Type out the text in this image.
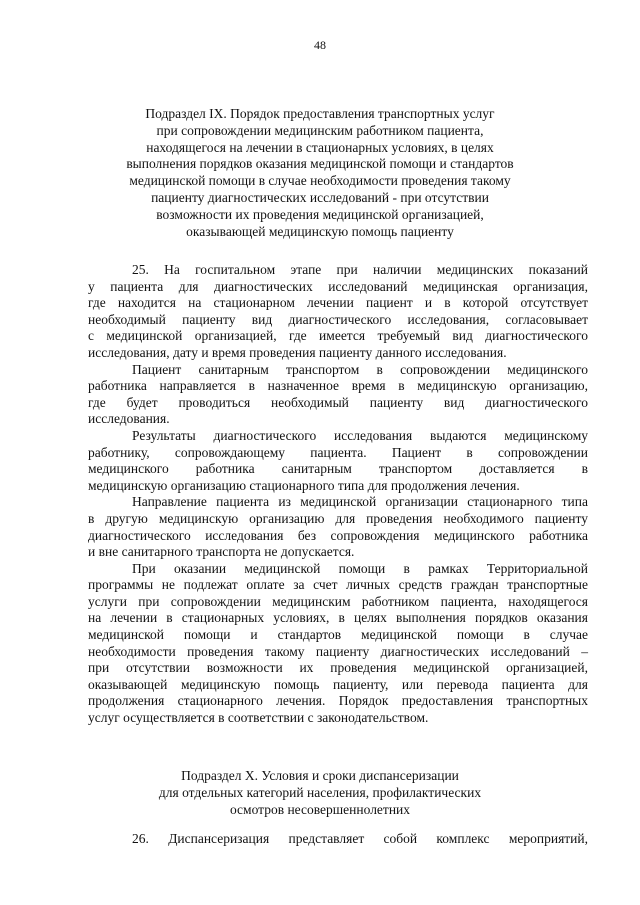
48
Подраздел IX. Порядок предоставления транспортных услуг
при сопровождении медицинским работником пациента,
находящегося на лечении в стационарных условиях, в целях
выполнения порядков оказания медицинской помощи и стандартов
медицинской помощи в случае необходимости проведения такому
пациенту диагностических исследований - при отсутствии
возможности их проведения медицинской организацией,
оказывающей медицинскую помощь пациенту
25. На госпитальном этапе при наличии медицинских показаний
у пациента для диагностических исследований медицинская организация,
где находится на стационарном лечении пациент и в которой отсутствует
необходимый пациенту вид диагностического исследования, согласовывает
с медицинской организацией, где имеется требуемый вид диагностического
исследования, дату и время проведения пациенту данного исследования.
Пациент санитарным транспортом в сопровождении медицинского
работника направляется в назначенное время в медицинскую организацию,
где будет проводиться необходимый пациенту вид диагностического
исследования.
Результаты диагностического исследования выдаются медицинскому
работнику, сопровождающему пациента. Пациент в сопровождении
медицинского работника санитарным транспортом доставляется в
медицинскую организацию стационарного типа для продолжения лечения.
Направление пациента из медицинской организации стационарного типа
в другую медицинскую организацию для проведения необходимого пациенту
диагностического исследования без сопровождения медицинского работника
и вне санитарного транспорта не допускается.
При оказании медицинской помощи в рамках Территориальной
программы не подлежат оплате за счет личных средств граждан транспортные
услуги при сопровождении медицинским работником пациента, находящегося
на лечении в стационарных условиях, в целях выполнения порядков оказания
медицинской помощи и стандартов медицинской помощи в случае
необходимости проведения такому пациенту диагностических исследований –
при отсутствии возможности их проведения медицинской организацией,
оказывающей медицинскую помощь пациенту, или перевода пациента для
продолжения стационарного лечения. Порядок предоставления транспортных
услуг осуществляется в соответствии с законодательством.
Подраздел X. Условия и сроки диспансеризации
для отдельных категорий населения, профилактических
осмотров несовершеннолетних
26. Диспансеризация представляет собой комплекс мероприятий,
